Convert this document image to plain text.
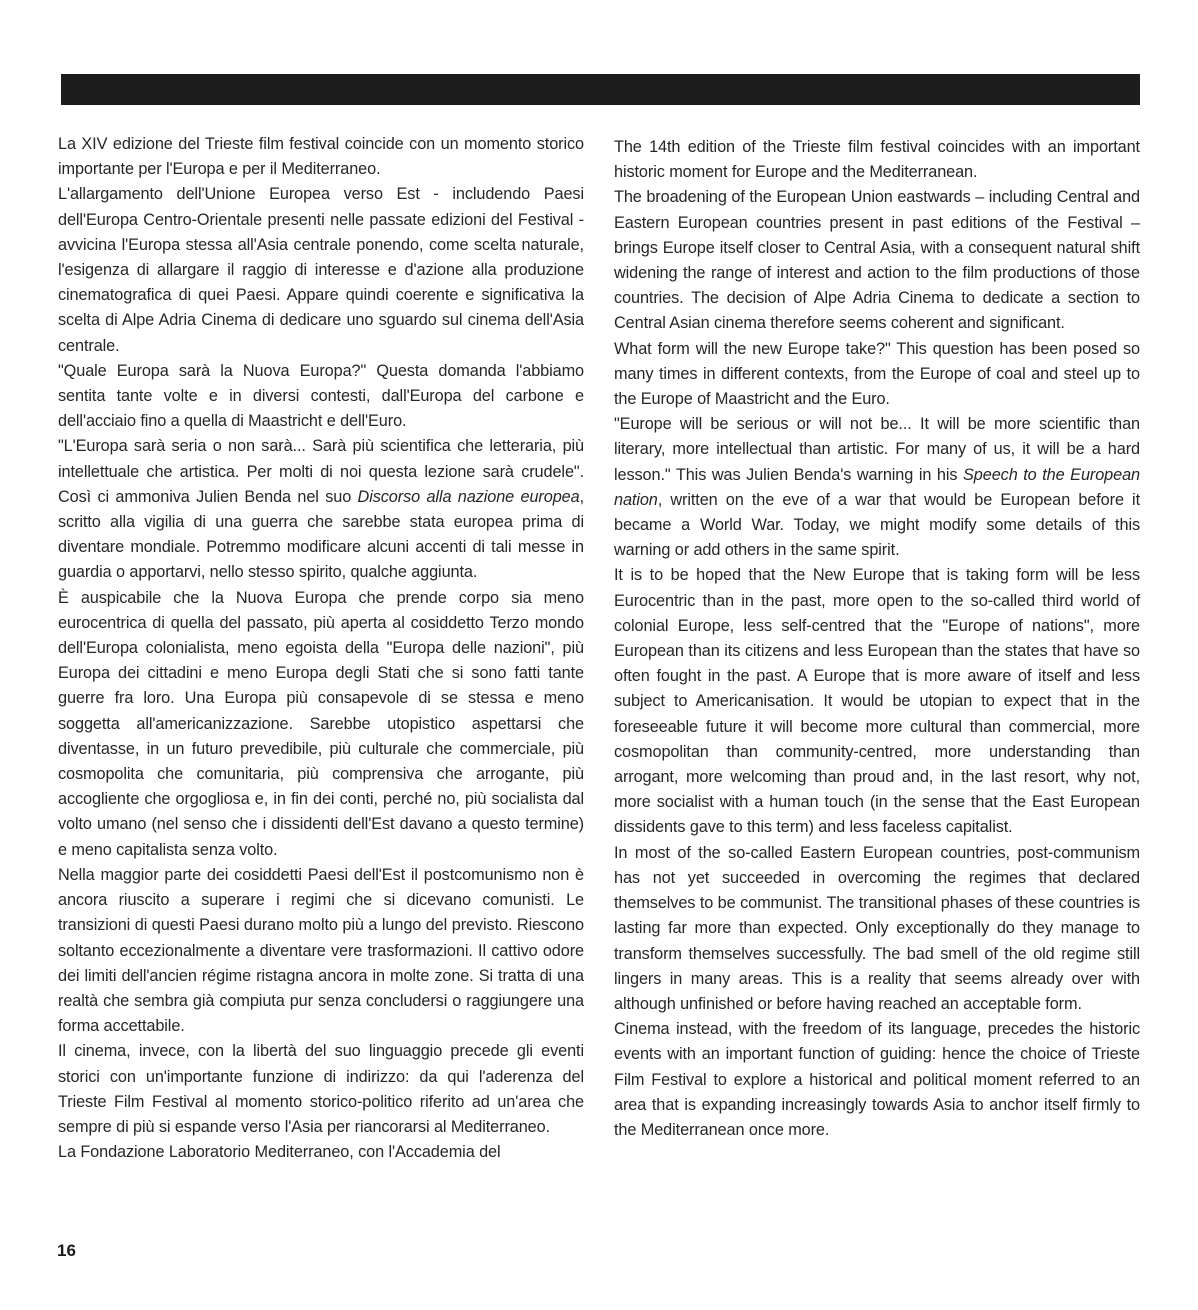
La XIV edizione del Trieste film festival coincide con un momento storico importante per l'Europa e per il Mediterraneo.

L'allargamento dell'Unione Europea verso Est - includendo Paesi dell'Europa Centro-Orientale presenti nelle passate edizioni del Festival - avvicina l'Europa stessa all'Asia centrale ponendo, come scelta naturale, l'esigenza di allargare il raggio di interesse e d'azione alla produzione cinematografica di quei Paesi. Appare quindi coerente e significativa la scelta di Alpe Adria Cinema di dedicare uno sguardo sul cinema dell'Asia centrale.

"Quale Europa sarà la Nuova Europa?" Questa domanda l'abbiamo sentita tante volte e in diversi contesti, dall'Europa del carbone e dell'acciaio fino a quella di Maastricht e dell'Euro.

"L'Europa sarà seria o non sarà... Sarà più scientifica che letteraria, più intellettuale che artistica. Per molti di noi questa lezione sarà crudele". Così ci ammoniva Julien Benda nel suo Discorso alla nazione europea, scritto alla vigilia di una guerra che sarebbe stata europea prima di diventare mondiale. Potremmo modificare alcuni accenti di tali messe in guardia o apportarvi, nello stesso spirito, qualche aggiunta.

È auspicabile che la Nuova Europa che prende corpo sia meno eurocentrica di quella del passato, più aperta al cosiddetto Terzo mondo dell'Europa colonialista, meno egoista della "Europa delle nazioni", più Europa dei cittadini e meno Europa degli Stati che si sono fatti tante guerre fra loro. Una Europa più consapevole di se stessa e meno soggetta all'americanizzazione. Sarebbe utopistico aspettarsi che diventasse, in un futuro prevedibile, più culturale che commerciale, più cosmopolita che comunitaria, più comprensiva che arrogante, più accogliente che orgogliosa e, in fin dei conti, perché no, più socialista dal volto umano (nel senso che i dissidenti dell'Est davano a questo termine) e meno capitalista senza volto.

Nella maggior parte dei cosiddetti Paesi dell'Est il postcomunismo non è ancora riuscito a superare i regimi che si dicevano comunisti. Le transizioni di questi Paesi durano molto più a lungo del previsto. Riescono soltanto eccezionalmente a diventare vere trasformazioni. Il cattivo odore dei limiti dell'ancien régime ristagna ancora in molte zone. Si tratta di una realtà che sembra già compiuta pur senza concludersi o raggiungere una forma accettabile.

Il cinema, invece, con la libertà del suo linguaggio precede gli eventi storici con un'importante funzione di indirizzo: da qui l'aderenza del Trieste Film Festival al momento storico-politico riferito ad un'area che sempre di più si espande verso l'Asia per riancorarsi al Mediterraneo.

La Fondazione Laboratorio Mediterraneo, con l'Accademia del

The 14th edition of the Trieste film festival coincides with an important historic moment for Europe and the Mediterranean.

The broadening of the European Union eastwards – including Central and Eastern European countries present in past editions of the Festival – brings Europe itself closer to Central Asia, with a consequent natural shift widening the range of interest and action to the film productions of those countries. The decision of Alpe Adria Cinema to dedicate a section to Central Asian cinema therefore seems coherent and significant.

What form will the new Europe take?" This question has been posed so many times in different contexts, from the Europe of coal and steel up to the Europe of Maastricht and the Euro.

"Europe will be serious or will not be... It will be more scientific than literary, more intellectual than artistic. For many of us, it will be a hard lesson." This was Julien Benda's warning in his Speech to the European nation, written on the eve of a war that would be European before it became a World War. Today, we might modify some details of this warning or add others in the same spirit.

It is to be hoped that the New Europe that is taking form will be less Eurocentric than in the past, more open to the so-called third world of colonial Europe, less self-centred that the "Europe of nations", more European than its citizens and less European than the states that have so often fought in the past. A Europe that is more aware of itself and less subject to Americanisation. It would be utopian to expect that in the foreseeable future it will become more cultural than commercial, more cosmopolitan than community-centred, more understanding than arrogant, more welcoming than proud and, in the last resort, why not, more socialist with a human touch (in the sense that the East European dissidents gave to this term) and less faceless capitalist.

In most of the so-called Eastern European countries, post-communism has not yet succeeded in overcoming the regimes that declared themselves to be communist. The transitional phases of these countries is lasting far more than expected. Only exceptionally do they manage to transform themselves successfully. The bad smell of the old regime still lingers in many areas. This is a reality that seems already over with although unfinished or before having reached an acceptable form.

Cinema instead, with the freedom of its language, precedes the historic events with an important function of guiding: hence the choice of Trieste Film Festival to explore a historical and political moment referred to an area that is expanding increasingly towards Asia to anchor itself firmly to the Mediterranean once more.

16
